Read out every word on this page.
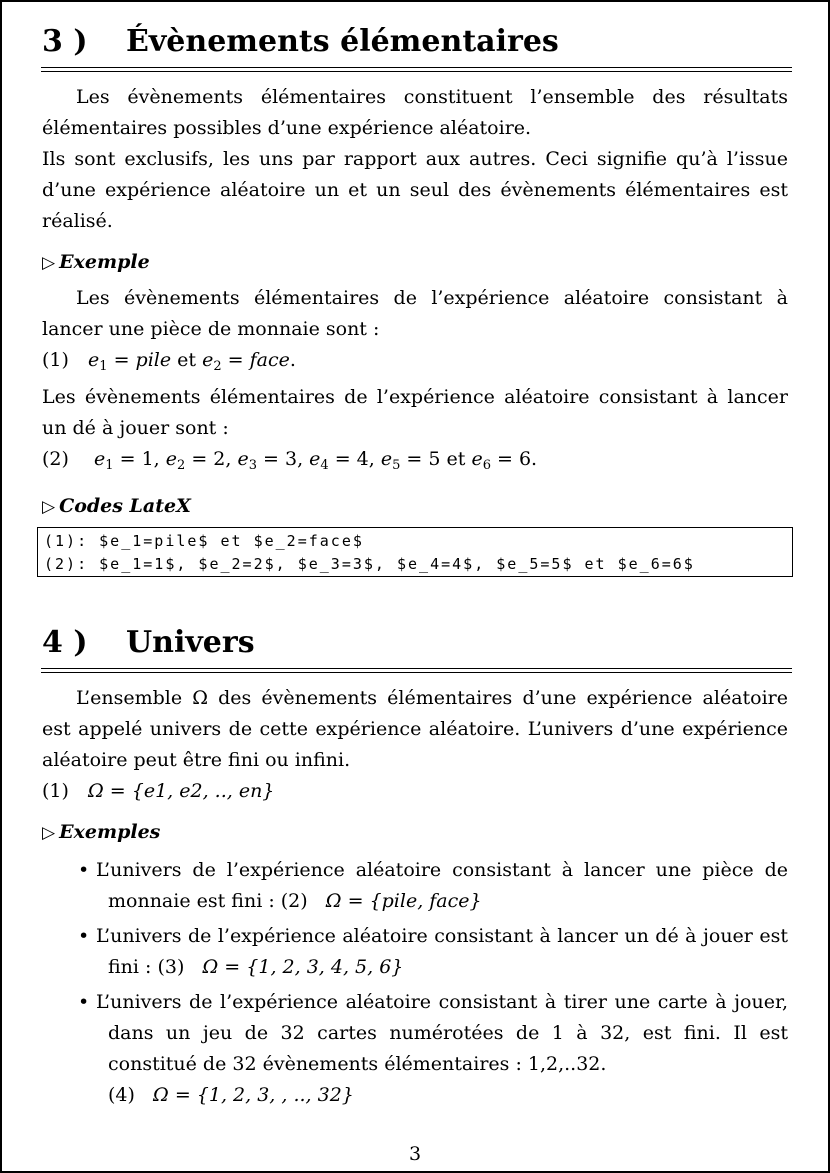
3 )	Évènements élémentaires

Les évènements élémentaires constituent l’ensemble des résultats élémentaires possibles d’une expérience aléatoire.

Ils sont exclusifs, les uns par rapport aux autres. Ceci signifie qu’à l’issue d’une expérience aléatoire un et un seul des évènements élémentaires est réalisé.

▷ Exemple

Les évènements élémentaires de l’expérience aléatoire consistant à lancer une pièce de monnaie sont :

(1) $e_1$ = pile et $e_2$ = face.

Les évènements élémentaires de l’expérience aléatoire consistant à lancer un dé à jouer sont :

(2) $e_1 = 1$, $e_2 = 2$, $e_3 = 3$, $e_4 = 4$, $e_5 = 5$ et $e_6 = 6$.

▷ Codes LateX
(1): $e_1=pile$ et $e_2=face$
(2): $e_1=1$, $e_2=2$, $e_3=3$, $e_4=4$, $e_5=5$ et $e_6=6$
4 )	Univers

L’ensemble Ω des évènements élémentaires d’une expérience aléatoire est appelé univers de cette expérience aléatoire. L’univers d’une expérience aléatoire peut être fini ou infini.

(1) Ω = {e1, e2, .., en}

▷ Exemples
• L’univers de l’expérience aléatoire consistant à lancer une pièce de monnaie est fini : (2) Ω = {pile, face}
• L’univers de l’expérience aléatoire consistant à lancer un dé à jouer est fini : (3) Ω = {1, 2, 3, 4, 5, 6}
• L’univers de l’expérience aléatoire consistant à tirer une carte à jouer, dans un jeu de 32 cartes numérotées de 1 à 32, est fini. Il est constitué de 32 évènements élémentaires : 1,2,..32.
(4) Ω = {1, 2, 3, , .., 32}
3
